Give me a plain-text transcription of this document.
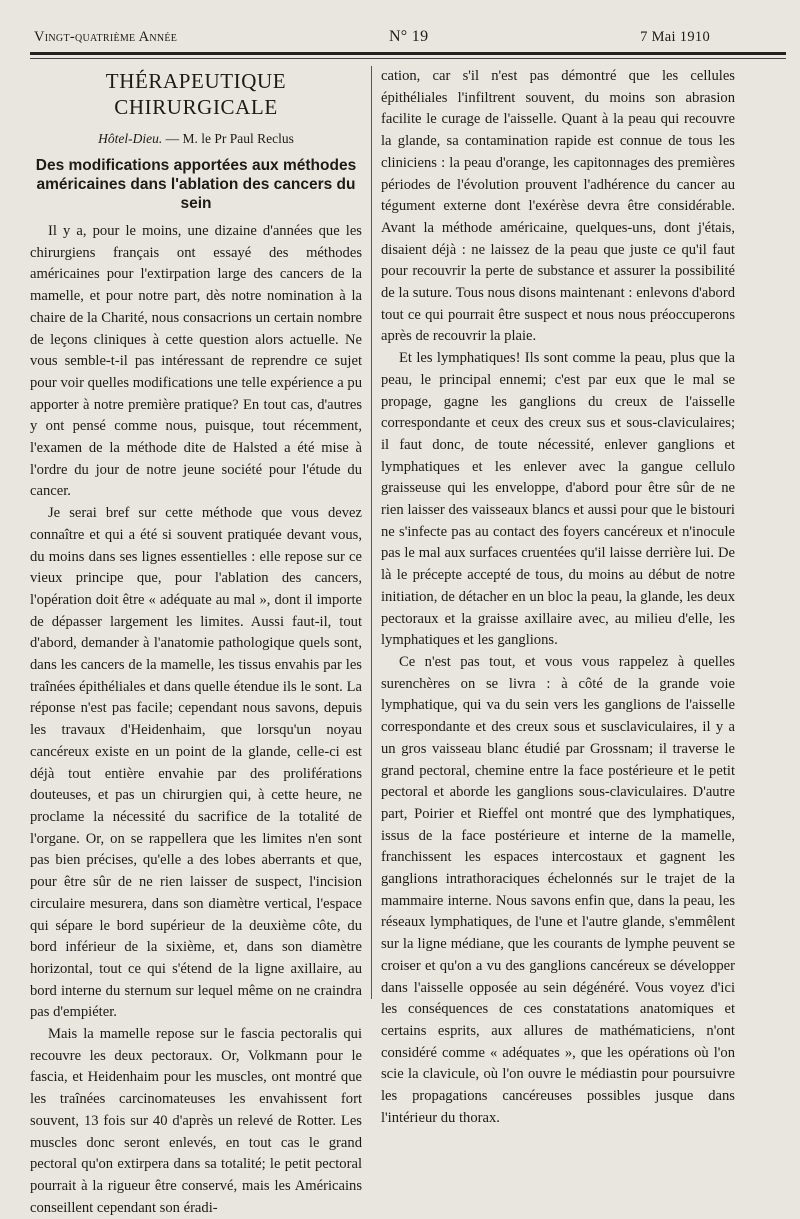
Vingt-quatrième Année	N° 19	7 Mai 1910
THÉRAPEUTIQUE CHIRURGICALE
Hôtel-Dieu. — M. le Pr Paul Reclus
Des modifications apportées aux méthodes américaines dans l'ablation des cancers du sein

Il y a, pour le moins, une dizaine d'années que les chirurgiens français ont essayé des méthodes américaines pour l'extirpation large des cancers de la mamelle, et pour notre part, dès notre nomination à la chaire de la Charité, nous consacrions un certain nombre de leçons cliniques à cette question alors actuelle. Ne vous semble-t-il pas intéressant de reprendre ce sujet pour voir quelles modifications une telle expérience a pu apporter à notre première pratique? En tout cas, d'autres y ont pensé comme nous, puisque, tout récemment, l'examen de la méthode dite de Halsted a été mise à l'ordre du jour de notre jeune société pour l'étude du cancer.

Je serai bref sur cette méthode que vous devez connaître et qui a été si souvent pratiquée devant vous, du moins dans ses lignes essentielles : elle repose sur ce vieux principe que, pour l'ablation des cancers, l'opération doit être « adéquate au mal », dont il importe de dépasser largement les limites. Aussi faut-il, tout d'abord, demander à l'anatomie pathologique quels sont, dans les cancers de la mamelle, les tissus envahis par les traînées épithéliales et dans quelle étendue ils le sont. La réponse n'est pas facile; cependant nous savons, depuis les travaux d'Heidenhaim, que lorsqu'un noyau cancéreux existe en un point de la glande, celle-ci est déjà tout entière envahie par des proliférations douteuses, et pas un chirurgien qui, à cette heure, ne proclame la nécessité du sacrifice de la totalité de l'organe. Or, on se rappellera que les limites n'en sont pas bien précises, qu'elle a des lobes aberrants et que, pour être sûr de ne rien laisser de suspect, l'incision circulaire mesurera, dans son diamètre vertical, l'espace qui sépare le bord supérieur de la deuxième côte, du bord inférieur de la sixième, et, dans son diamètre horizontal, tout ce qui s'étend de la ligne axillaire, au bord interne du sternum sur lequel même on ne craindra pas d'empiéter.

Mais la mamelle repose sur le fascia pectoralis qui recouvre les deux pectoraux. Or, Volkmann pour le fascia, et Heidenhaim pour les muscles, ont montré que les traînées carcinomateuses les envahissent fort souvent, 13 fois sur 40 d'après un relevé de Rotter. Les muscles donc seront enlevés, en tout cas le grand pectoral qu'on extirpera dans sa totalité; le petit pectoral pourrait à la rigueur être conservé, mais les Américains conseillent cependant son éradi-

cation, car s'il n'est pas démontré que les cellules épithéliales l'infiltrent souvent, du moins son abrasion facilite le curage de l'aisselle. Quant à la peau qui recouvre la glande, sa contamination rapide est connue de tous les cliniciens : la peau d'orange, les capitonnages des premières périodes de l'évolution prouvent l'adhérence du cancer au tégument externe dont l'exérèse devra être considérable. Avant la méthode américaine, quelques-uns, dont j'étais, disaient déjà : ne laissez de la peau que juste ce qu'il faut pour recouvrir la perte de substance et assurer la possibilité de la suture. Tous nous disons maintenant : enlevons d'abord tout ce qui pourrait être suspect et nous nous préoccuperons après de recouvrir la plaie.

Et les lymphatiques! Ils sont comme la peau, plus que la peau, le principal ennemi; c'est par eux que le mal se propage, gagne les ganglions du creux de l'aisselle correspondante et ceux des creux sus et sous-claviculaires; il faut donc, de toute nécessité, enlever ganglions et lymphatiques et les enlever avec la gangue cellulo graisseuse qui les enveloppe, d'abord pour être sûr de ne rien laisser des vaisseaux blancs et aussi pour que le bistouri ne s'infecte pas au contact des foyers cancéreux et n'inocule pas le mal aux surfaces cruentées qu'il laisse derrière lui. De là le précepte accepté de tous, du moins au début de notre initiation, de détacher en un bloc la peau, la glande, les deux pectoraux et la graisse axillaire avec, au milieu d'elle, les lymphatiques et les ganglions.

Ce n'est pas tout, et vous vous rappelez à quelles surenchères on se livra : à côté de la grande voie lymphatique, qui va du sein vers les ganglions de l'aisselle correspondante et des creux sous et susclaviculaires, il y a un gros vaisseau blanc étudié par Grossnam; il traverse le grand pectoral, chemine entre la face postérieure et le petit pectoral et aborde les ganglions sous-claviculaires. D'autre part, Poirier et Rieffel ont montré que des lymphatiques, issus de la face postérieure et interne de la mamelle, franchissent les espaces intercostaux et gagnent les ganglions intrathoraciques échelonnés sur le trajet de la mammaire interne. Nous savons enfin que, dans la peau, les réseaux lymphatiques, de l'une et l'autre glande, s'emmêlent sur la ligne médiane, que les courants de lymphe peuvent se croiser et qu'on a vu des ganglions cancéreux se développer dans l'aisselle opposée au sein dégénéré. Vous voyez d'ici les conséquences de ces constatations anatomiques et certains esprits, aux allures de mathématiciens, n'ont considéré comme « adéquates », que les opérations où l'on scie la clavicule, où l'on ouvre le médiastin pour poursuivre les propagations cancéreuses possibles jusque dans l'intérieur du thorax.
